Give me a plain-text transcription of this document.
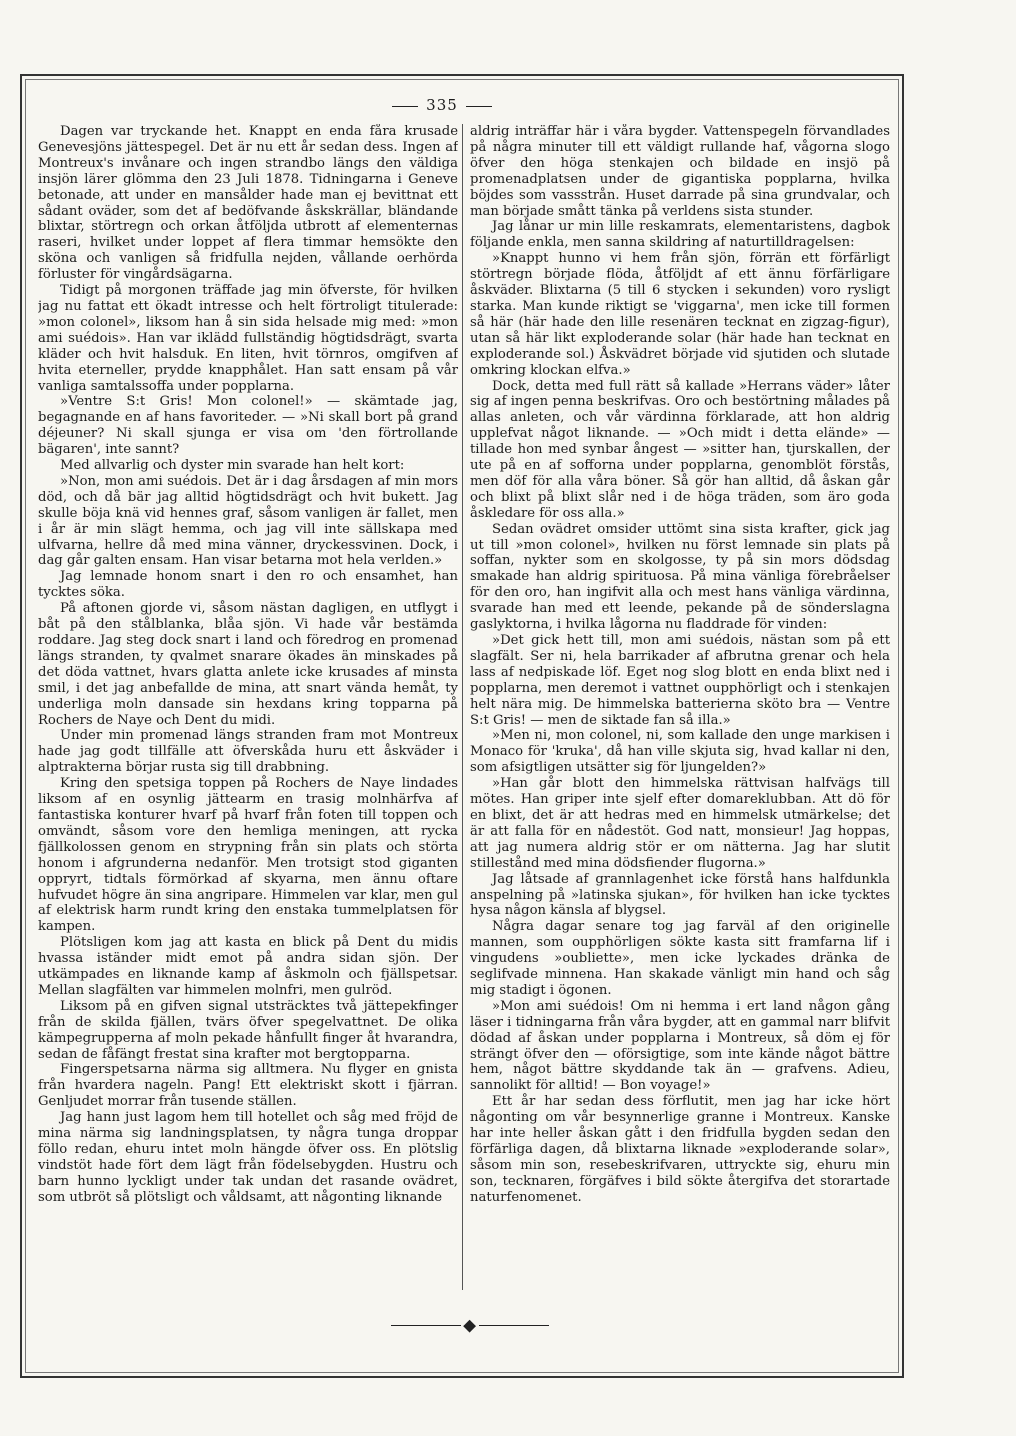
335

Dagen var tryckande het. Knappt en enda fåra krusade Genevesjöns jättespegel. Det är nu ett år sedan dess. Ingen af Montreux's invånare och ingen strandbo längs den väldiga insjön lärer glömma den 23 Juli 1878. Tidningarna i Geneve betonade, att under en mansålder hade man ej bevittnat ett sådant oväder, som det af bedöfvande åskskrällar, bländande blixtar, störtregn och orkan åtföljda utbrott af elementernas raseri, hvilket under loppet af flera timmar hemsökte den sköna och vanligen så fridfulla nejden, vållande oerhörda förluster för vingårdsägarna.

Tidigt på morgonen träffade jag min öfverste, för hvilken jag nu fattat ett ökadt intresse och helt förtroligt titulerade: »mon colonel», liksom han å sin sida helsade mig med: »mon ami suédois». Han var iklädd fullständig högtidsdrägt, svarta kläder och hvit halsduk. En liten, hvit törnros, omgifven af hvita eterneller, prydde knapphålet. Han satt ensam på vår vanliga samtalssoffa under popplarna.

»Ventre S:t Gris! Mon colonel!» — skämtade jag, begagnande en af hans favoriteder. — »Ni skall bort på grand déjeuner? Ni skall sjunga er visa om 'den förtrollande bägaren', inte sannt?

Med allvarlig och dyster min svarade han helt kort:

»Non, mon ami suédois. Det är i dag årsdagen af min mors död, och då bär jag alltid högtidsdrägt och hvit bukett. Jag skulle böja knä vid hennes graf, såsom vanligen är fallet, men i år är min slägt hemma, och jag vill inte sällskapa med ulfvarna, hellre då med mina vänner, dryckessvinen. Dock, i dag går galten ensam. Han visar betarna mot hela verlden.»

Jag lemnade honom snart i den ro och ensamhet, han tycktes söka.

På aftonen gjorde vi, såsom nästan dagligen, en utflygt i båt på den stålblanka, blåa sjön. Vi hade vår bestämda roddare. Jag steg dock snart i land och föredrog en promenad längs stranden, ty qvalmet snarare ökades än minskades på det döda vattnet, hvars glatta anlete icke krusades af minsta smil, i det jag anbefallde de mina, att snart vända hemåt, ty underliga moln dansade sin hexdans kring topparna på Rochers de Naye och Dent du midi.

Under min promenad längs stranden fram mot Montreux hade jag godt tillfälle att öfverskåda huru ett åskväder i alptrakterna börjar rusta sig till drabbning.

Kring den spetsiga toppen på Rochers de Naye lindades liksom af en osynlig jättearm en trasig molnhärfva af fantastiska konturer hvarf på hvarf från foten till toppen och omvändt, såsom vore den hemliga meningen, att rycka fjällkolossen genom en strypning från sin plats och störta honom i afgrunderna nedanför. Men trotsigt stod giganten oppryrt, tidtals förmörkad af skyarna, men ännu oftare hufvudet högre än sina angripare. Himmelen var klar, men gul af elektrisk harm rundt kring den enstaka tummelplatsen för kampen.

Plötsligen kom jag att kasta en blick på Dent du midis hvassa iständer midt emot på andra sidan sjön. Der utkämpades en liknande kamp af åskmoln och fjällspetsar. Mellan slagfälten var himmelen molnfri, men gulröd.

Liksom på en gifven signal utsträcktes två jättepekfinger från de skilda fjällen, tvärs öfver spegelvattnet. De olika kämpegrupperna af moln pekade hånfullt finger åt hvarandra, sedan de fåfängt frestat sina krafter mot bergtopparna.

Fingerspetsarna närma sig alltmera. Nu flyger en gnista från hvardera nageln. Pang! Ett elektriskt skott i fjärran. Genljudet morrar från tusende ställen.

Jag hann just lagom hem till hotellet och såg med fröjd de mina närma sig landningsplatsen, ty några tunga droppar föllo redan, ehuru intet moln hängde öfver oss. En plötslig vindstöt hade fört dem lägt från födelsebygden. Hustru och barn hunno lyckligt under tak undan det rasande ovädret, som utbröt så plötsligt och våldsamt, att någonting liknande

aldrig inträffar här i våra bygder. Vattenspegeln förvandlades på några minuter till ett väldigt rullande haf, vågorna slogo öfver den höga stenkajen och bildade en insjö på promenadplatsen under de gigantiska popplarna, hvilka böjdes som vassstrån. Huset darrade på sina grundvalar, och man började smått tänka på verldens sista stunder.

Jag lånar ur min lille reskamrats, elementaristens, dagbok följande enkla, men sanna skildring af naturtilldragelsen:

»Knappt hunno vi hem från sjön, förrän ett förfärligt störtregn började flöda, åtföljdt af ett ännu förfärligare åskväder. Blixtarna (5 till 6 stycken i sekunden) voro rysligt starka. Man kunde riktigt se 'viggarna', men icke till formen så här (här hade den lille resenären tecknat en zigzag-figur), utan så här likt exploderande solar (här hade han tecknat en exploderande sol.) Åskvädret började vid sjutiden och slutade omkring klockan elfva.»

Dock, detta med full rätt så kallade »Herrans väder» låter sig af ingen penna beskrifvas. Oro och bestörtning målades på allas anleten, och vår värdinna förklarade, att hon aldrig upplefvat något liknande. — »Och midt i detta elände» — tillade hon med synbar ångest — »sitter han, tjurskallen, der ute på en af sofforna under popplarna, genomblöt förstås, men döf för alla våra böner. Så gör han alltid, då åskan går och blixt på blixt slår ned i de höga träden, som äro goda åskledare för oss alla.»

Sedan ovädret omsider uttömt sina sista krafter, gick jag ut till »mon colonel», hvilken nu först lemnade sin plats på soffan, nykter som en skolgosse, ty på sin mors dödsdag smakade han aldrig spirituosa. På mina vänliga förebråelser för den oro, han ingifvit alla och mest hans vänliga värdinna, svarade han med ett leende, pekande på de sönderslagna gaslyktorna, i hvilka lågorna nu fladdrade för vinden:

»Det gick hett till, mon ami suédois, nästan som på ett slagfält. Ser ni, hela barrikader af afbrutna grenar och hela lass af nedpiskade löf. Eget nog slog blott en enda blixt ned i popplarna, men deremot i vattnet oupphörligt och i stenkajen helt nära mig. De himmelska batterierna sköto bra — Ventre S:t Gris! — men de siktade fan så illa.»

»Men ni, mon colonel, ni, som kallade den unge markisen i Monaco för 'kruka', då han ville skjuta sig, hvad kallar ni den, som afsigtligen utsätter sig för ljungelden?»

»Han går blott den himmelska rättvisan halfvägs till mötes. Han griper inte sjelf efter domareklubban. Att dö för en blixt, det är att hedras med en himmelsk utmärkelse; det är att falla för en nådestöt. God natt, monsieur! Jag hoppas, att jag numera aldrig stör er om nätterna. Jag har slutit stillestånd med mina dödsfiender flugorna.»

Jag låtsade af grannlagenhet icke förstå hans halfdunkla anspelning på »latinska sjukan», för hvilken han icke tycktes hysa någon känsla af blygsel.

Några dagar senare tog jag farväl af den originelle mannen, som oupphörligen sökte kasta sitt framfarna lif i vingudens »oubliette», men icke lyckades dränka de seglifvade minnena. Han skakade vänligt min hand och såg mig stadigt i ögonen.

»Mon ami suédois! Om ni hemma i ert land någon gång läser i tidningarna från våra bygder, att en gammal narr blifvit dödad af åskan under popplarna i Montreux, så döm ej för strängt öfver den — oförsigtige, som inte kände något bättre hem, något bättre skyddande tak än — grafvens. Adieu, sannolikt för alltid! — Bon voyage!»

Ett år har sedan dess förflutit, men jag har icke hört någonting om vår besynnerlige granne i Montreux. Kanske har inte heller åskan gått i den fridfulla bygden sedan den förfärliga dagen, då blixtarna liknade »exploderande solar», såsom min son, resebeskrifvaren, uttryckte sig, ehuru min son, tecknaren, förgäfves i bild sökte återgifva det storartade naturfenomenet.

◆
